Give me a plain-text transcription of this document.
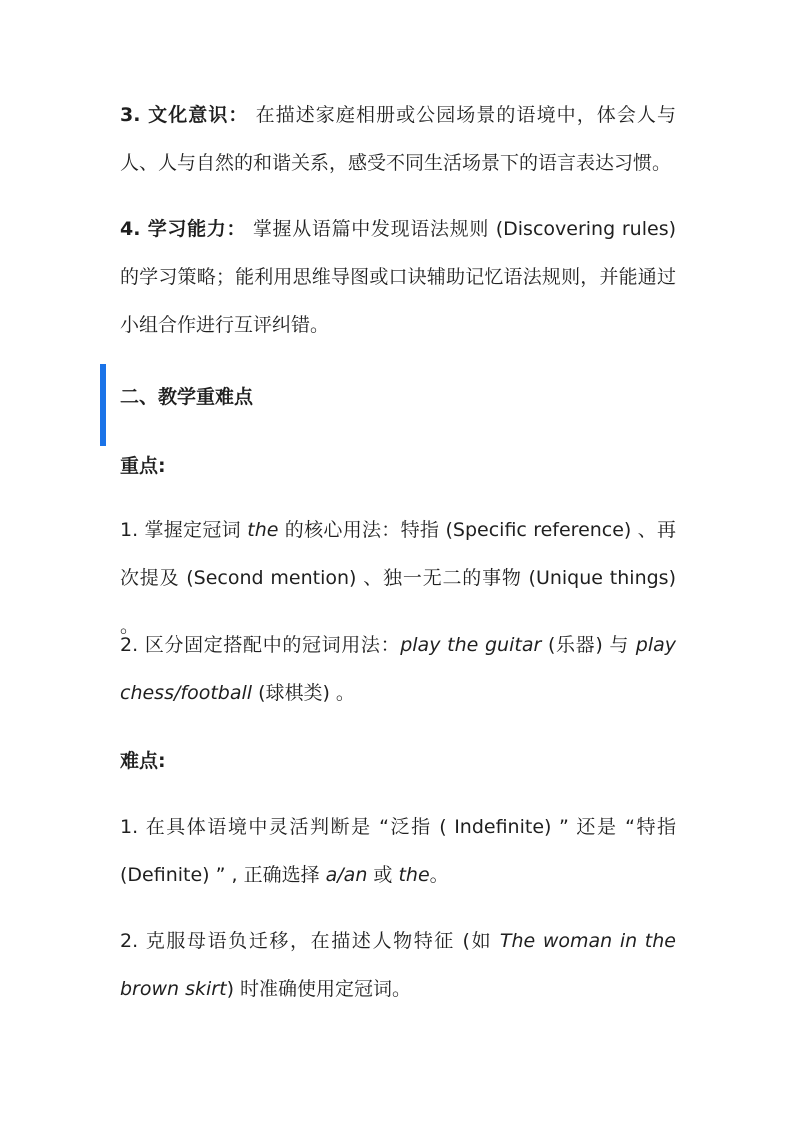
3. 文化意识： 在描述家庭相册或公园场景的语境中，体会人与人、人与自然的和谐关系，感受不同生活场景下的语言表达习惯。

4. 学习能力： 掌握从语篇中发现语法规则 (Discovering rules) 的学习策略；能利用思维导图或口诀辅助记忆语法规则，并能通过小组合作进行互评纠错。

二、教学重难点
重点:

1. 掌握定冠词 the 的核心用法：特指 (Specific reference) 、再次提及 (Second mention) 、独一无二的事物 (Unique things) 。

2. 区分固定搭配中的冠词用法：play the guitar (乐器) 与 play chess/football (球棋类) 。

难点:

1. 在具体语境中灵活判断是 “泛指 ( Indefinite) ” 还是 “特指 (Definite) ” , 正确选择 a/an 或 the。

2. 克服母语负迁移，在描述人物特征 (如 The woman in the brown skirt) 时准确使用定冠词。
